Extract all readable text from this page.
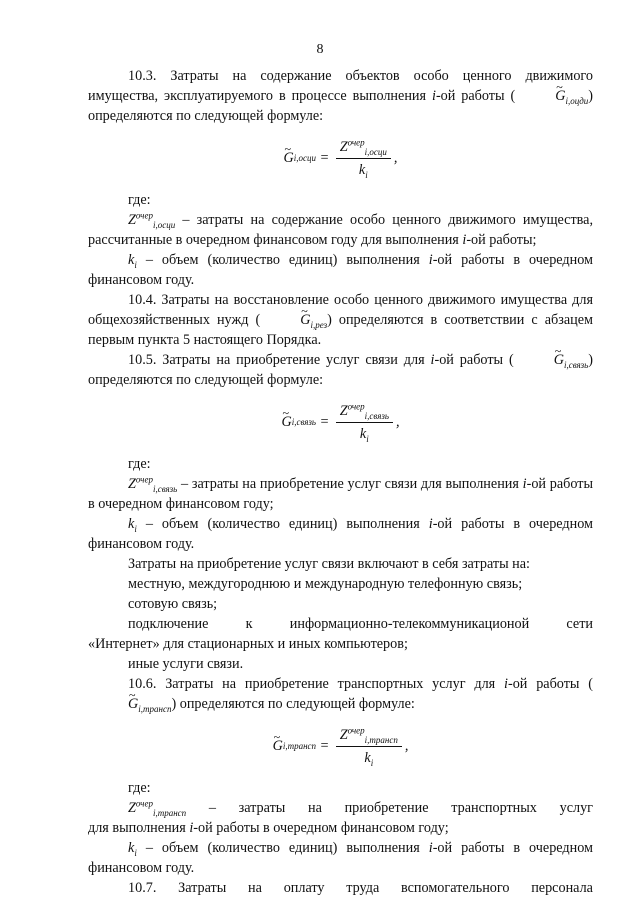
8

10.3. Затраты на содержание объектов особо ценного движимого имущества, эксплуатируемого в процессе выполнения i-ой работы (	~ $G_{i,оцди}$) определяются по следующей формуле:

~ G i,осцu
=
$\frac{Z^{очер}_{i,осци}}{k_i}$ ,

где:

$Z^{очер}_{i,осци}$ – затраты на содержание особо ценного движимого имущества, рассчитанные в очередном финансовом году для выполнения i-ой работы;

$k_i$ – объем (количество единиц) выполнения i-ой работы в очередном финансовом году.

10.4. Затраты на восстановление особо ценного движимого имущества для общехозяйственных нужд (	~ $G_{i,рез}$) определяются в соответствии с абзацем первым пункта 5 настоящего Порядка.

10.5. Затраты на приобретение услуг связи для i-ой работы (	~ $G_{i,связь}$) определяются по следующей формуле:

~ G i,связь
=
$\frac{Z^{очер}_{i,связь}}{k_i}$ ,

где:

$Z^{очер}_{i,связь}$ – затраты на приобретение услуг связи для выполнения i-ой работы в очередном финансовом году;

$k_i$ – объем (количество единиц) выполнения i-ой работы в очередном финансовом году.

Затраты на приобретение услуг связи включают в себя затраты на:

местную, междугороднюю и международную телефонную связь;

сотовую связь;

подключение	к	информационно-телекоммуникационой	сети

«Интернет» для стационарных и иных компьютеров;

иные услуги связи.

10.6. Затраты на приобретение транспортных услуг для i-ой работы (~ $G_{i,трансп}$) определяются по следующей формуле:

~ G i,трансп
=
$\frac{Z^{очер}_{i,трансп}}{k_i}$ ,

где:

$Z^{очер}_{i,трансп}$ – затраты на приобретение транспортных услуг

для выполнения i-ой работы в очередном финансовом году;

$k_i$ – объем (количество единиц) выполнения i-ой работы в очередном финансовом году.

10.7. Затраты на оплату труда вспомогательного персонала
